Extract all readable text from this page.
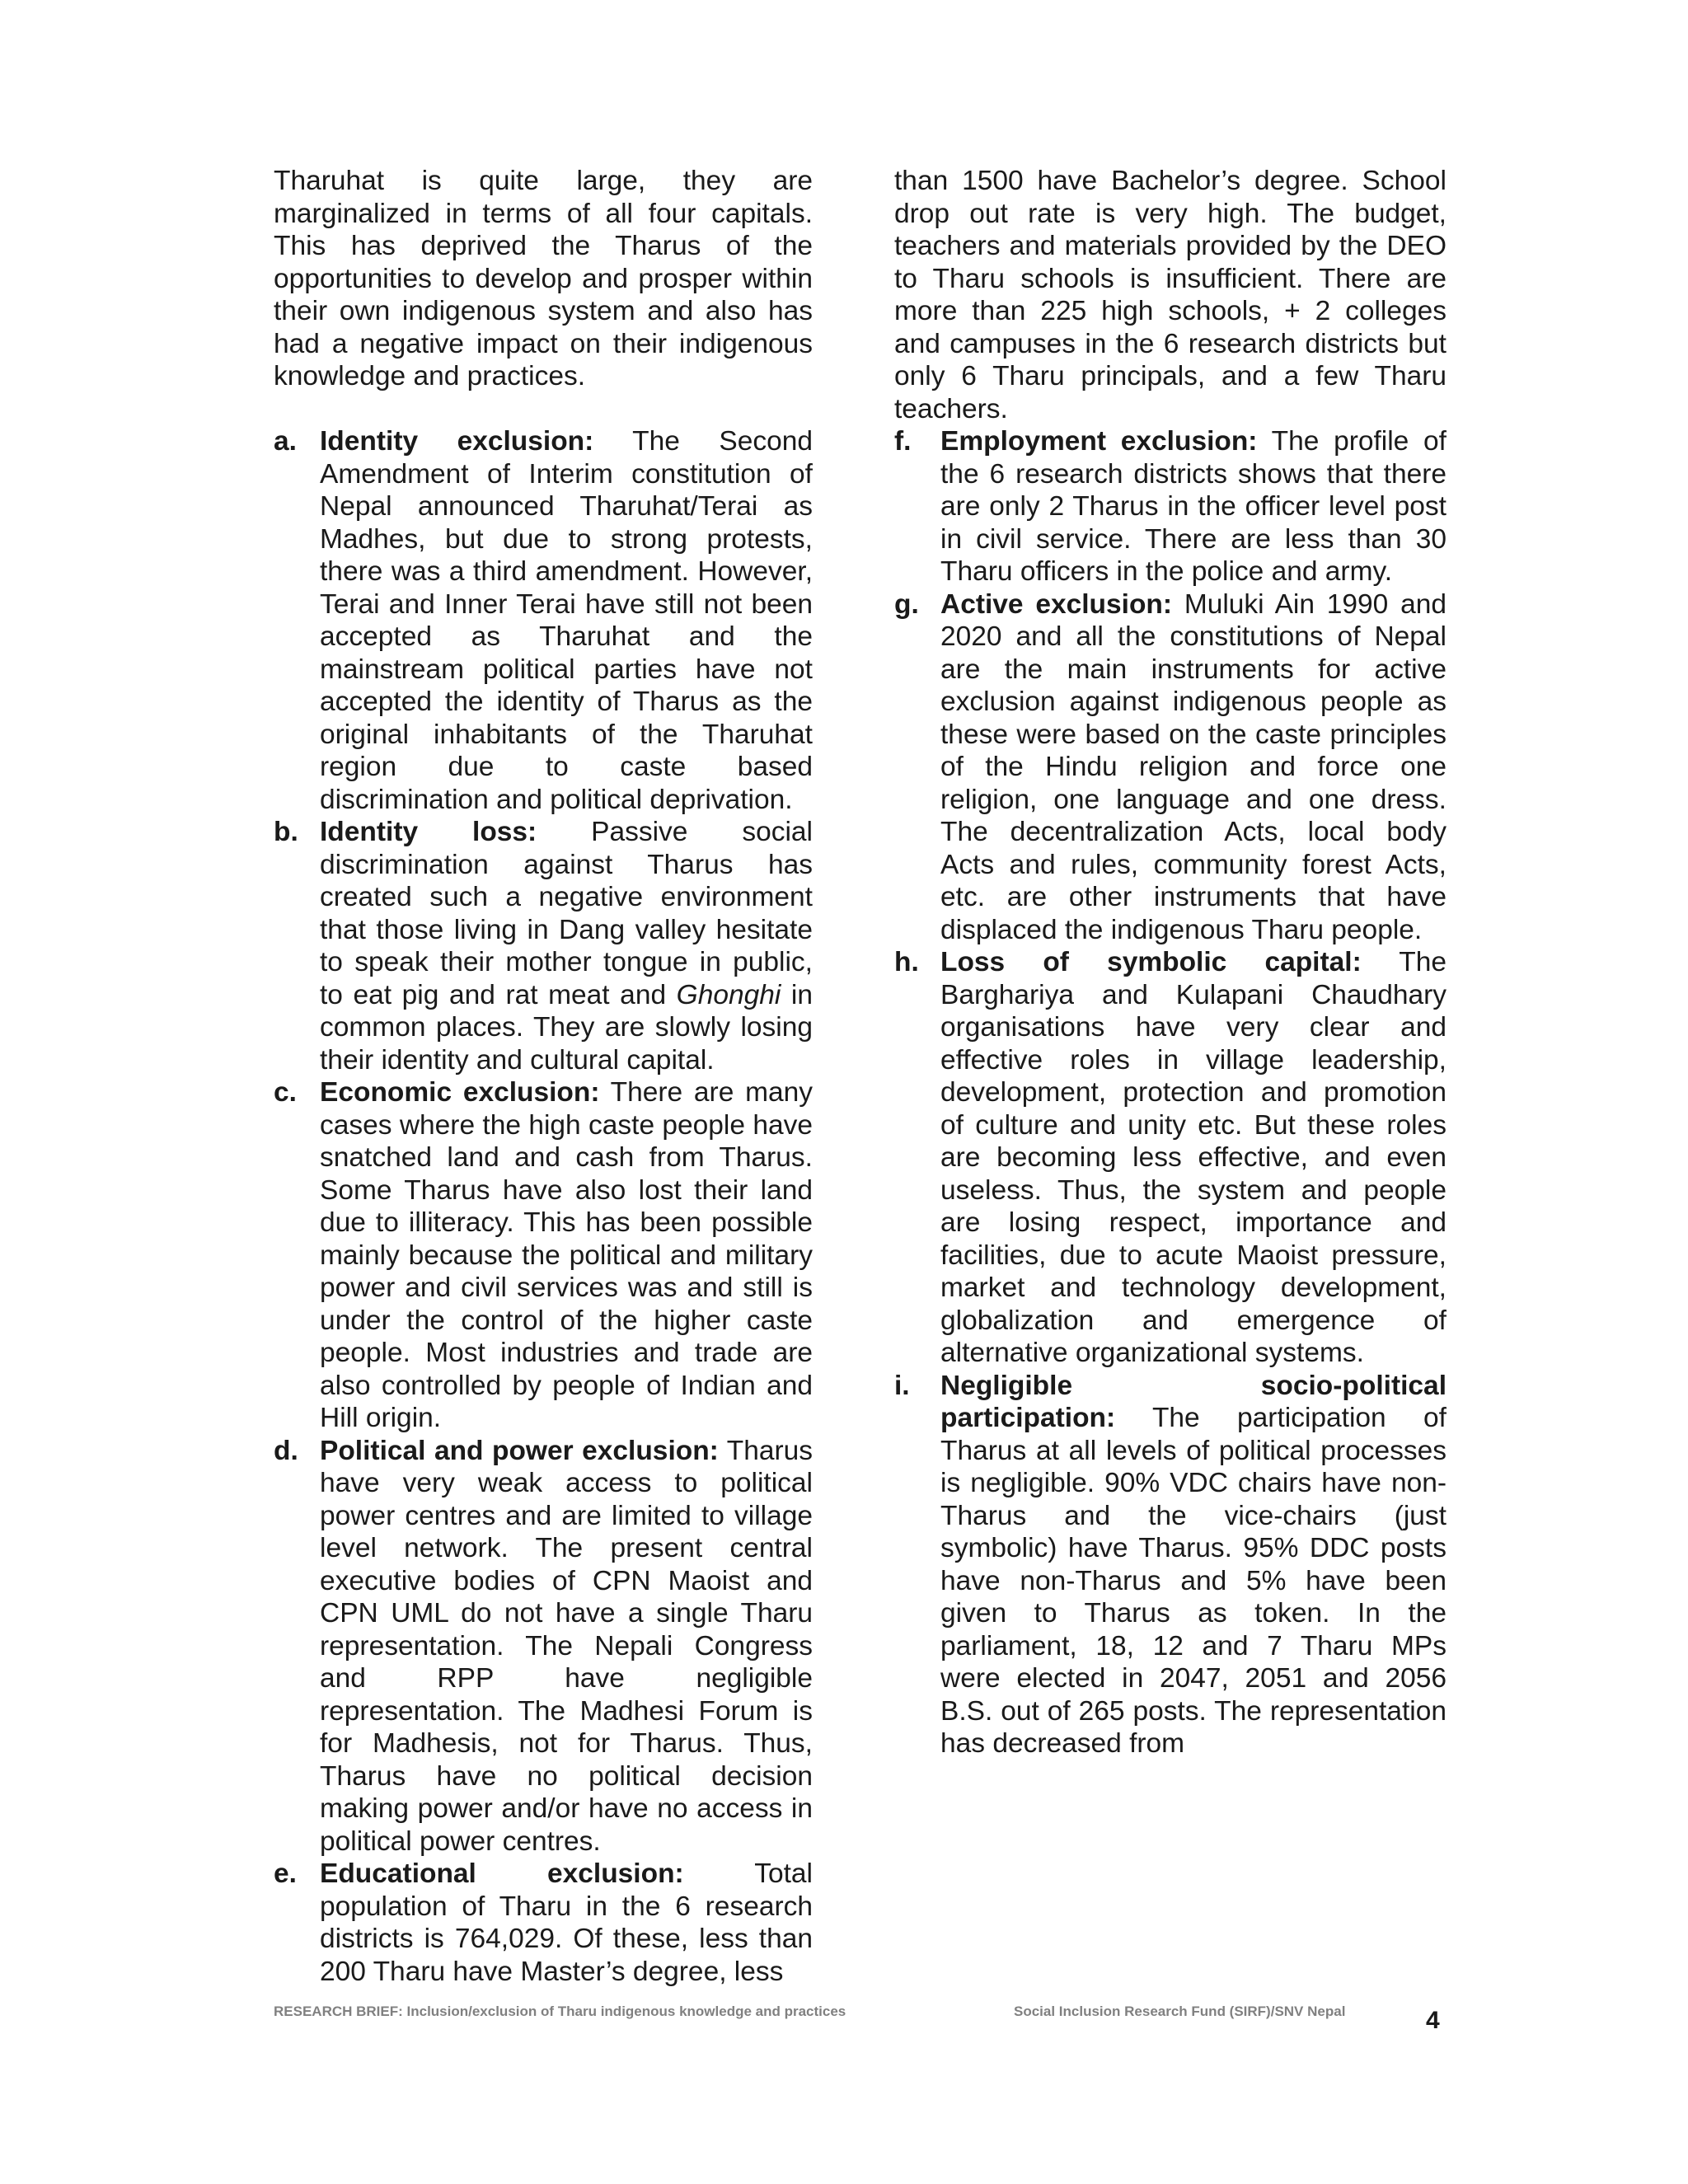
Tharuhat is quite large, they are marginalized in terms of all four capitals. This has deprived the Tharus of the opportunities to develop and prosper within their own indigenous system and also has had a negative impact on their indigenous knowledge and practices.

a. Identity exclusion: The Second Amendment of Interim constitution of Nepal announced Tharuhat/Terai as Madhes, but due to strong protests, there was a third amendment. However, Terai and Inner Terai have still not been accepted as Tharuhat and the mainstream political parties have not accepted the identity of Tharus as the original inhabitants of the Tharuhat region due to caste based discrimination and political deprivation.
b. Identity loss: Passive social discrimination against Tharus has created such a negative environment that those living in Dang valley hesitate to speak their mother tongue in public, to eat pig and rat meat and Ghonghi in common places. They are slowly losing their identity and cultural capital.
c. Economic exclusion: There are many cases where the high caste people have snatched land and cash from Tharus. Some Tharus have also lost their land due to illiteracy. This has been possible mainly because the political and military power and civil services was and still is under the control of the higher caste people. Most industries and trade are also controlled by people of Indian and Hill origin.
d. Political and power exclusion: Tharus have very weak access to political power centres and are limited to village level network. The present central executive bodies of CPN Maoist and CPN UML do not have a single Tharu representation. The Nepali Congress and RPP have negligible representation. The Madhesi Forum is for Madhesis, not for Tharus. Thus, Tharus have no political decision making power and/or have no access in political power centres.
e. Educational exclusion: Total population of Tharu in the 6 research districts is 764,029. Of these, less than 200 Tharu have Master’s degree, less

than 1500 have Bachelor’s degree. School drop out rate is very high. The budget, teachers and materials provided by the DEO to Tharu schools is insufficient. There are more than 225 high schools, + 2 colleges and campuses in the 6 research districts but only 6 Tharu principals, and a few Tharu teachers.

f. Employment exclusion: The profile of the 6 research districts shows that there are only 2 Tharus in the officer level post in civil service. There are less than 30 Tharu officers in the police and army.
g. Active exclusion: Muluki Ain 1990 and 2020 and all the constitutions of Nepal are the main instruments for active exclusion against indigenous people as these were based on the caste principles of the Hindu religion and force one religion, one language and one dress. The decentralization Acts, local body Acts and rules, community forest Acts, etc. are other instruments that have displaced the indigenous Tharu people.
h. Loss of symbolic capital: The Barghariya and Kulapani Chaudhary organisations have very clear and effective roles in village leadership, development, protection and promotion of culture and unity etc. But these roles are becoming less effective, and even useless. Thus, the system and people are losing respect, importance and facilities, due to acute Maoist pressure, market and technology development, globalization and emergence of alternative organizational systems.
i. Negligible socio-political participation: The participation of Tharus at all levels of political processes is negligible. 90% VDC chairs have non-Tharus and the vice-chairs (just symbolic) have Tharus. 95% DDC posts have non-Tharus and 5% have been given to Tharus as token. In the parliament, 18, 12 and 7 Tharu MPs were elected in 2047, 2051 and 2056 B.S. out of 265 posts. The representation has decreased from
RESEARCH BRIEF: Inclusion/exclusion of Tharu indigenous knowledge and practices	Social Inclusion Research Fund (SIRF)/SNV Nepal	4
